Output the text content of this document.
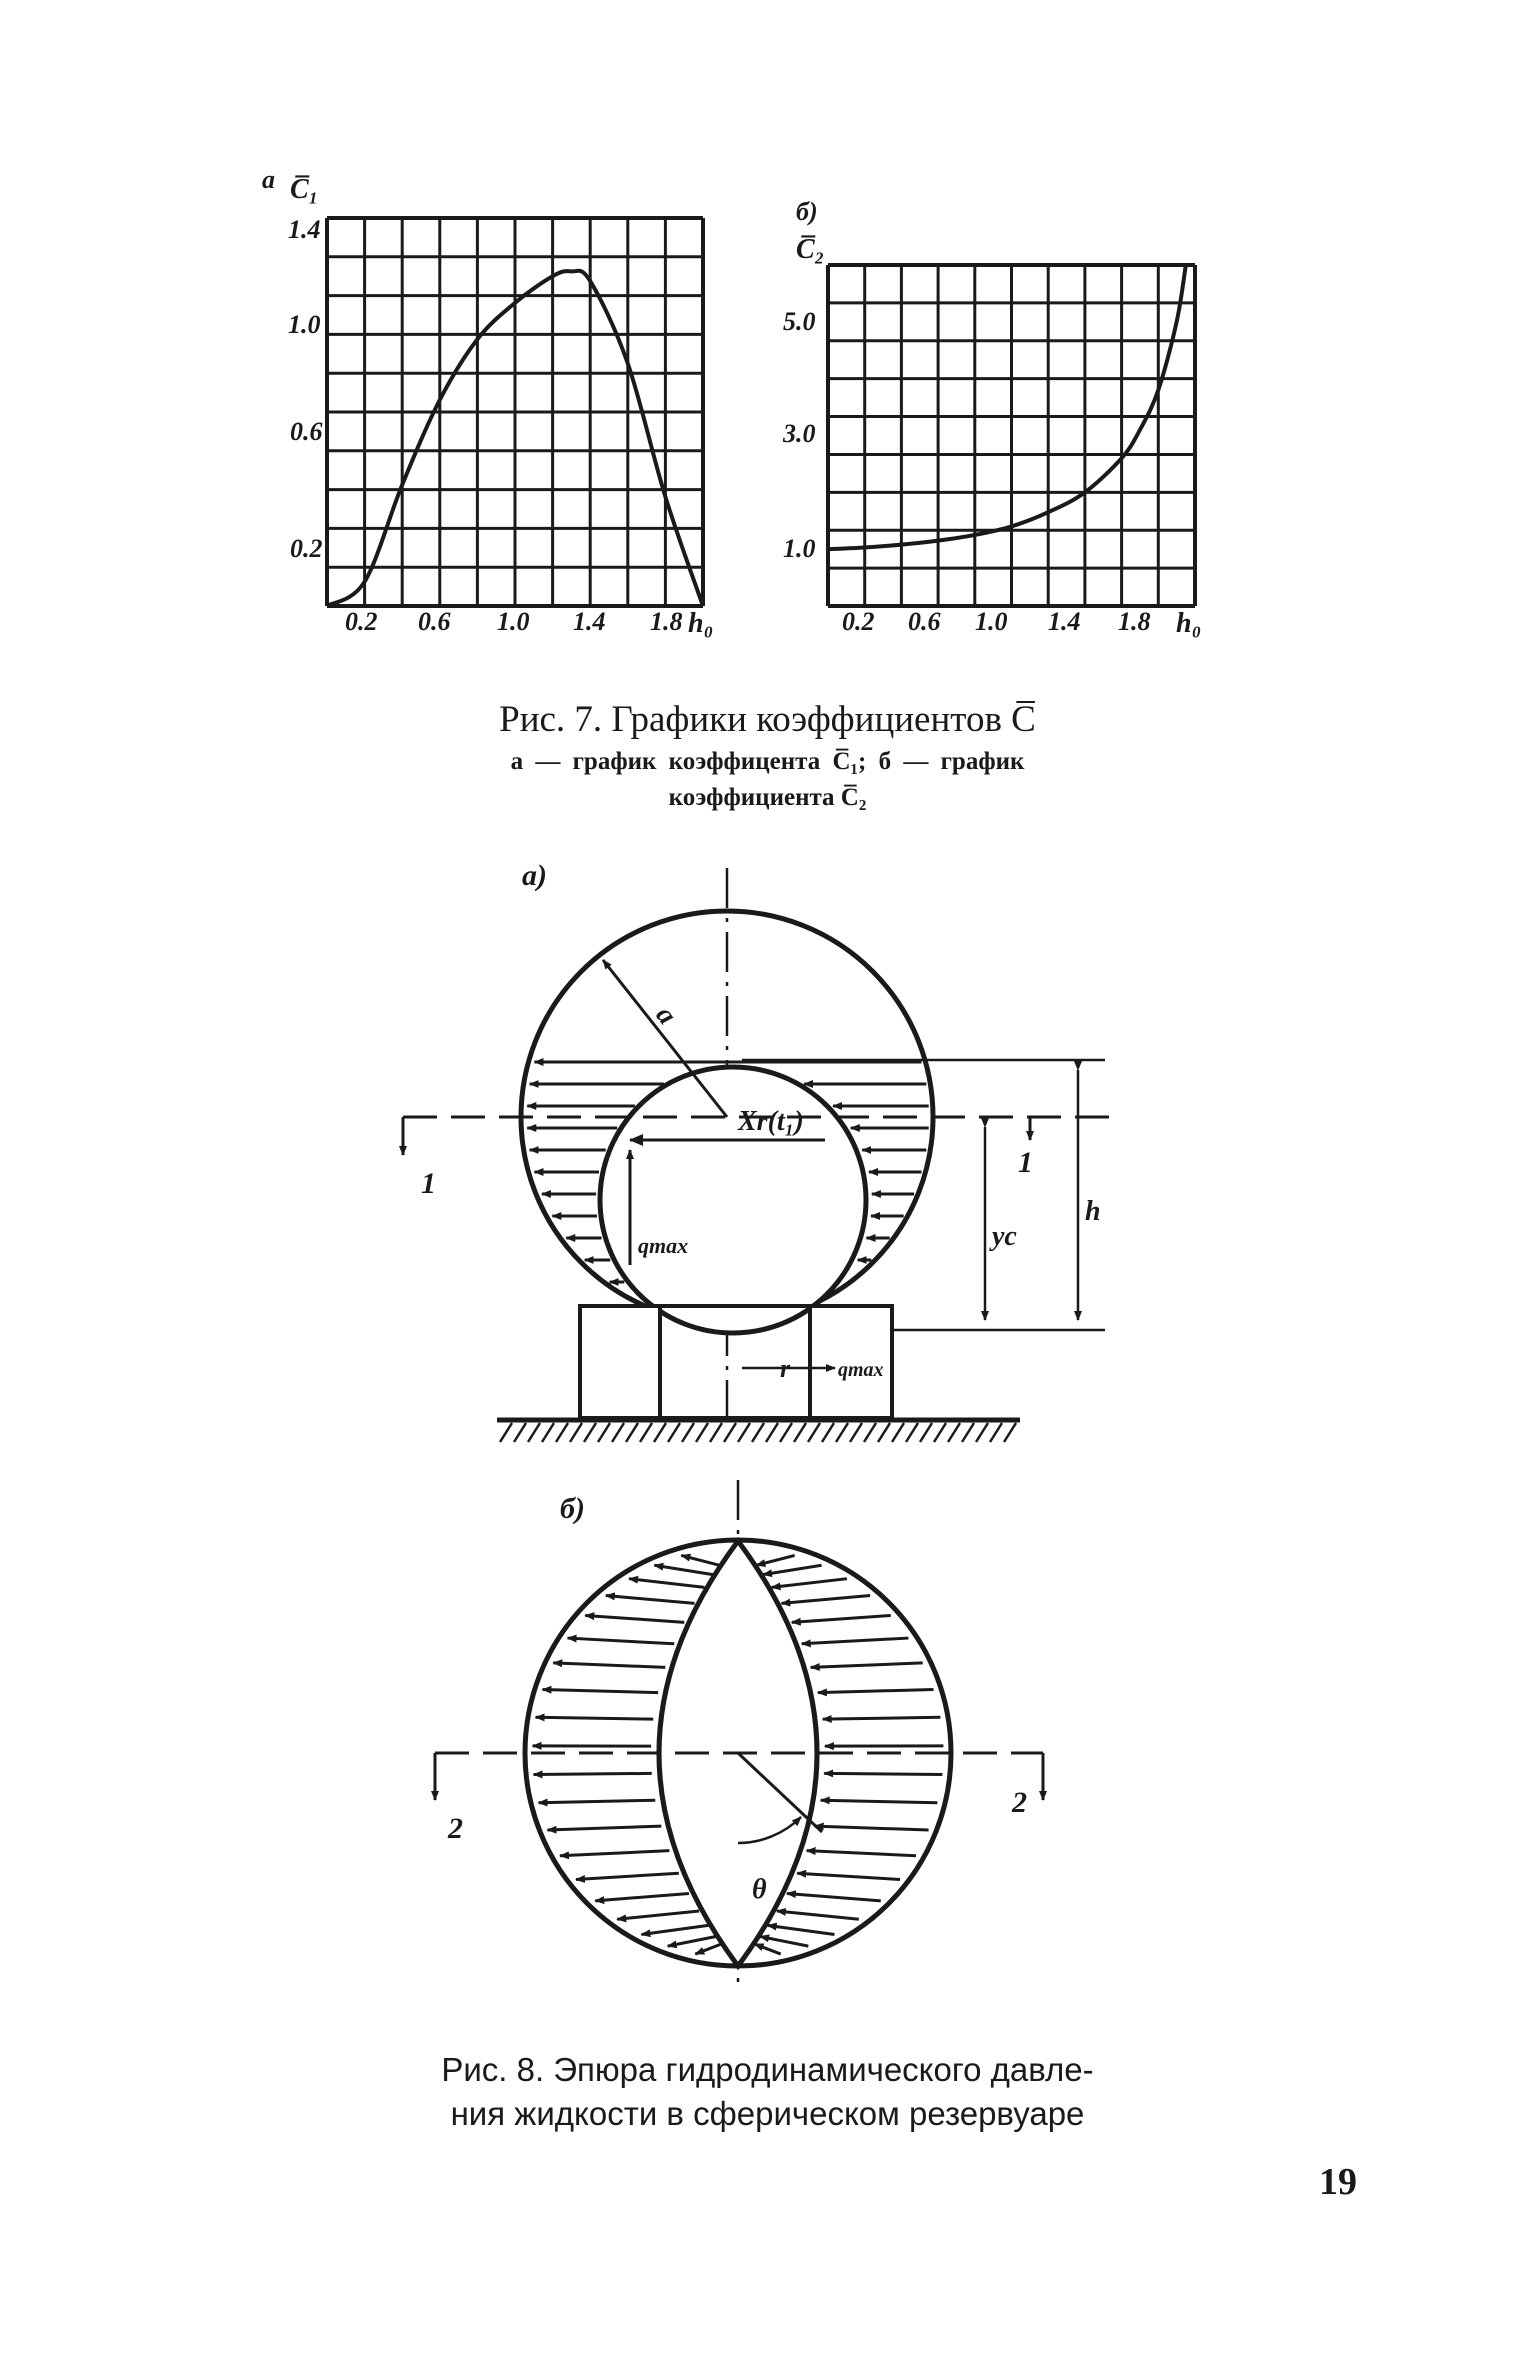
а C̅₁
1.4
1.0
0.6
0.2
0.2 0.6 1.0 1.4 1.8 h₀
б)
C̅₂
5.0
3.0
1.0
0.2 0.6 1.0 1.4 1.8 h₀
Рис. 7. Графики коэффициентов C̅
а — график коэффицента C̅₁; б — график
коэффициента C̅₂
а)
a
Xr(t₁)
qmax
1
1
h
yc
r qmax
б)
2
2
θ
Рис. 8. Эпюра гидродинамического давле-
ния жидкости в сферическом резервуаре
19
